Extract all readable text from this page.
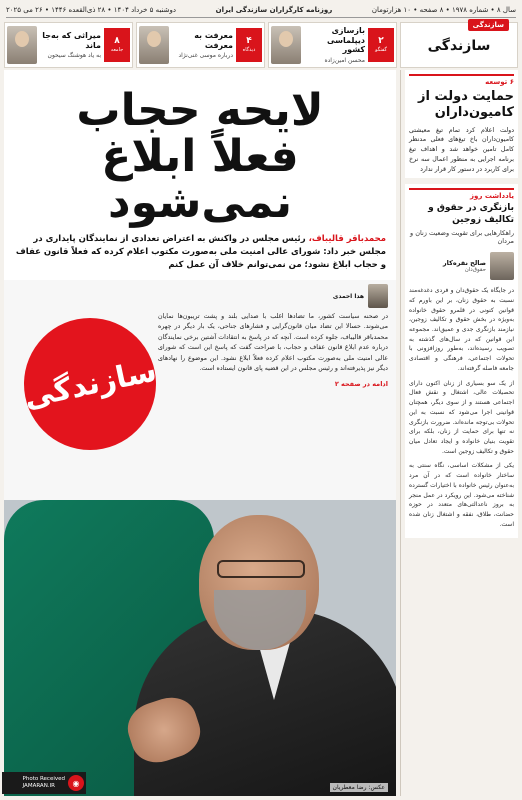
سال ۸ • شماره ۱۹۷۸ • ۸ صفحه • ۱۰ هزارتومان
روزنامه کارگزاران سازندگی ایران
دوشنبه ۵ خرداد ۱۴۰۴ • ۲۸ ذی‌القعده ۱۴۴۶ • ۲۶ می ۲۰۲۵
سازندگی
سازندگی
۲
گفتگو
بازسازی دیپلماسی کشور
محسن امین‌زاده
۴
دیدگاه
معرفت به معرفت
درباره موسی غنی‌نژاد
۸
جامعه
میراثی که به‌جا ماند
به یاد هوشنگ سیحون
۶ توسعه
حمایت دولت از کامیون‌داران
دولت اعلام کرد تمام تیغ معیشتی کامیون‌داران باخ‌ تیغ‌های فعلی مدنظر کامل تامین خواهد شد و اهداف تیغ برنامه اجرایی به منظور اعمال سه نرخ برای کاربرد در دستور کار قرار ندارد
یادداشت روز
بازنگری در حقوق و تکالیف زوجین
راهکارهایی برای تقویت وضعیت زنان و مردان
صالح نقره‌کار
حقوق‌دان

در جایگاه یک حقوق‌دان و فردی دغدغه‌مند نسبت به حقوق زنان، بر این باورم که قوانین کنونی در قلمرو حقوق خانواده به‌ویژه در بخش حقوق و تکالیف زوجین، نیازمند بازنگری جدی و عمیق‌اند. مجموعه این قوانین که در سال‌های گذشته به تصویب رسیده‌اند، به‌طور روزافزونی با تحولات اجتماعی، فرهنگی و اقتصادی جامعه فاصله گرفته‌اند.

از یک سو بسیاری از زنان اکنون دارای تحصیلات عالی، اشتغال و نقش فعال اجتماعی هستند و از سوی دیگر، همچنان قوانینی اجرا می‌شود که نسبت به این تحولات بی‌توجه مانده‌اند. ضرورت بازنگری نه تنها برای حمایت از زنان، بلکه برای تقویت بنیان خانواده و ایجاد تعادل میان حقوق و تکالیف زوجین است.

یکی از مشکلات اساسی، نگاه سنتی به ساختار خانواده است که در آن مرد به‌عنوان رئیس خانواده با اختیارات گسترده شناخته می‌شود. این رویکرد در عمل منجر به بروز ناعدالتی‌های متعدد در حوزه حضانت، طلاق، نفقه و اشتغال زنان شده است.

لایحه حجاب
فعلاً ابلاغ نمی‌شود
محمدباقر قالیباف، رئیس مجلس در واکنش به اعتراض تعدادی از نمایندگان پایداری در مجلس خبر داد: شورای عالی امنیت ملی به‌صورت مکتوب اعلام کرده که فعلاً قانون عفاف و حجاب ابلاغ نشود؛ من نمی‌توانم خلاف آن عمل کنم
هدا احمدی

در صحنه سیاست کشور، ما تضادها اغلب با صدایی بلند و پشت تریبون‌ها نمایان می‌شوند. حسالا این تضاد میان قانون‌گرایی و فشارهای جناحی، یک بار دیگر در چهره محمدباقر قالیباف، جلوه کرده است. آنچه که در پاسخ به انتقادات آشتین برخی نمایندگان درباره عدم ابلاغ قانون عفاف و حجاب، با صراحت گفت که پاسخ این است که شورای عالی امنیت ملی به‌صورت مکتوب اعلام کرده فعلاً ابلاغ نشود. این موضوع را نهادهای دیگر نیز پذیرفته‌اند و رئیس مجلس در این قضیه پای قانون ایستاده است.

ادامه در صفحه ۲
سازندگی
عکس: رضا معطریان
◉
Photo Received
JAMARAN.IR
